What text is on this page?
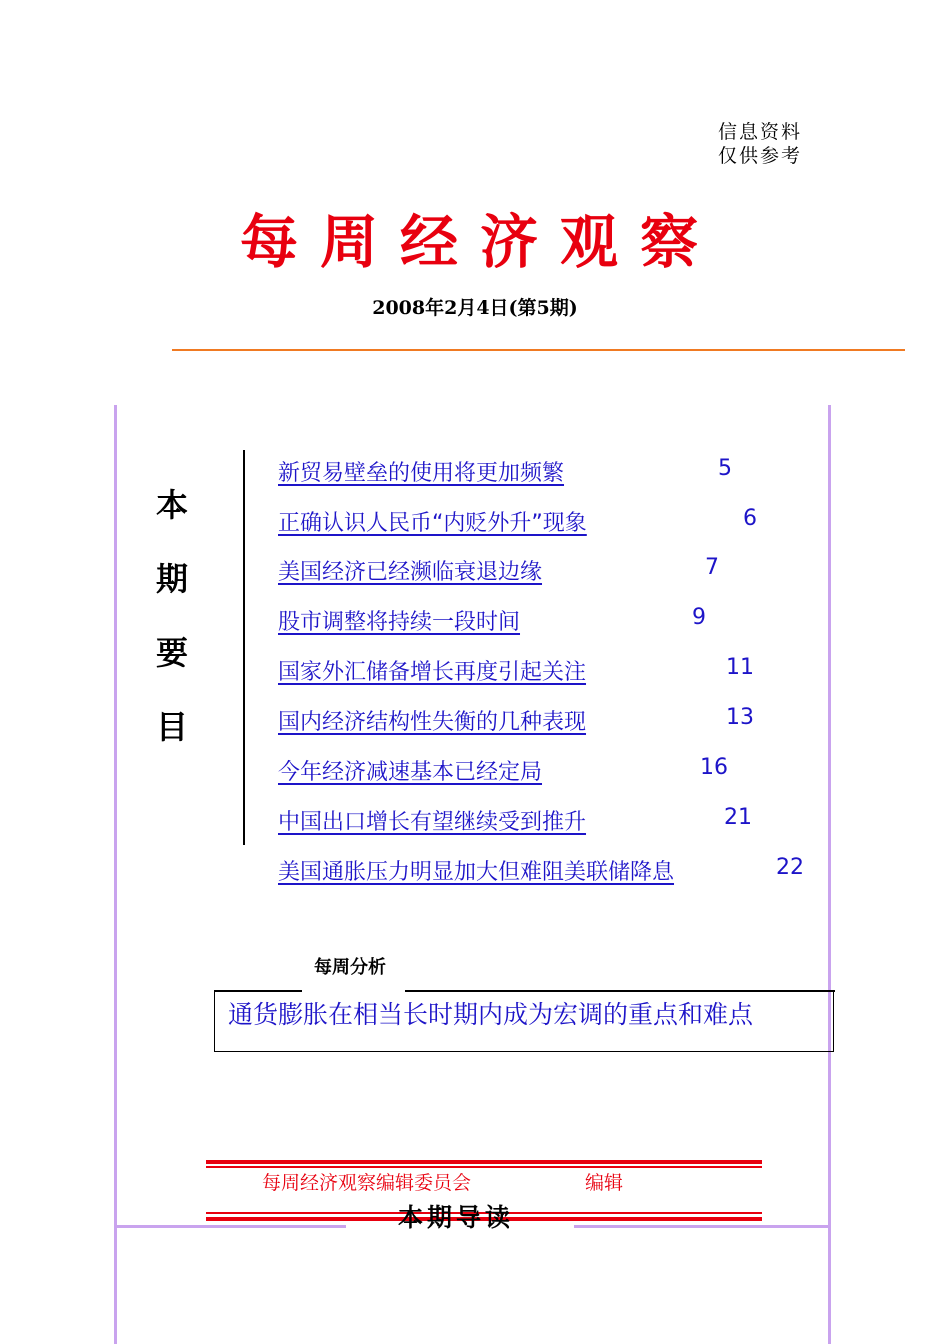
信息资料
仅供参考
每周经济观察
2008年2月4日(第5期)
本
期
要
目
新贸易壁垒的使用将更加频繁	5
正确认识人民币“内贬外升”现象	6
美国经济已经濒临衰退边缘	7
股市调整将持续一段时间	9
国家外汇储备增长再度引起关注	11
国内经济结构性失衡的几种表现	13
今年经济减速基本已经定局	16
中国出口增长有望继续受到推升	21
美国通胀压力明显加大但难阻美联储降息	22
每周分析
通货膨胀在相当长时期内成为宏调的重点和难点
每周经济观察编辑委员会	编辑
本期导读
